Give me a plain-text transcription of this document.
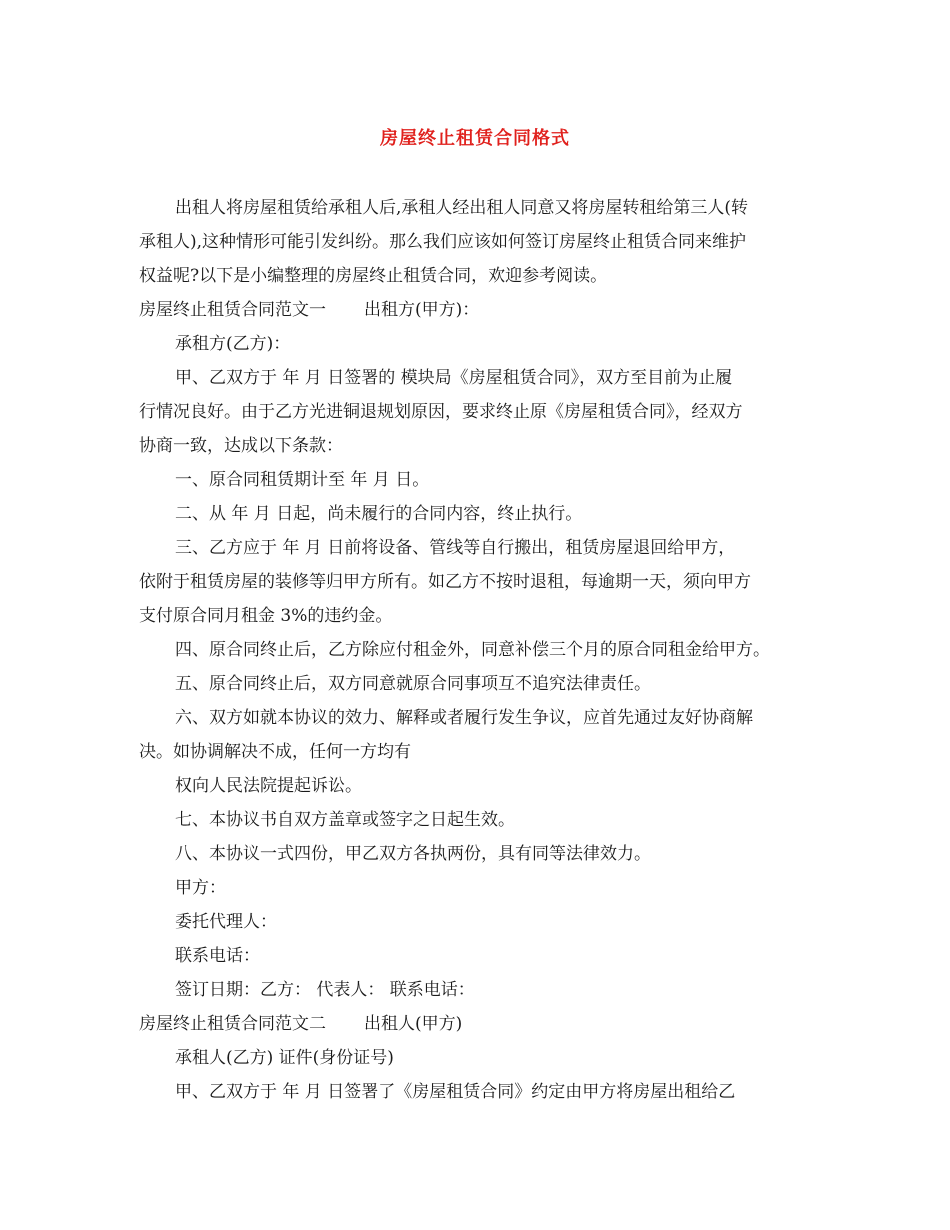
房屋终止租赁合同格式

出租人将房屋租赁给承租人后,承租人经出租人同意又将房屋转租给第三人(转

承租人),这种情形可能引发纠纷。那么我们应该如何签订房屋终止租赁合同来维护

权益呢?以下是小编整理的房屋终止租赁合同，欢迎参考阅读。

房屋终止租赁合同范文一 出租方(甲方)：

承租方(乙方)：

甲、乙双方于 年 月 日签署的 模块局《房屋租赁合同》，双方至目前为止履

行情况良好。由于乙方光进铜退规划原因，要求终止原《房屋租赁合同》，经双方

协商一致，达成以下条款：

一、原合同租赁期计至 年 月 日。

二、从 年 月 日起，尚未履行的合同内容，终止执行。

三、乙方应于 年 月 日前将设备、管线等自行搬出，租赁房屋退回给甲方，

依附于租赁房屋的装修等归甲方所有。如乙方不按时退租，每逾期一天，须向甲方

支付原合同月租金 3%的违约金。

四、原合同终止后，乙方除应付租金外，同意补偿三个月的原合同租金给甲方。

五、原合同终止后，双方同意就原合同事项互不追究法律责任。

六、双方如就本协议的效力、解释或者履行发生争议，应首先通过友好协商解

决。如协调解决不成，任何一方均有

权向人民法院提起诉讼。

七、本协议书自双方盖章或签字之日起生效。

八、本协议一式四份，甲乙双方各执两份，具有同等法律效力。

甲方：

委托代理人：

联系电话：

签订日期：乙方： 代表人： 联系电话：

房屋终止租赁合同范文二 出租人(甲方)

承租人(乙方) 证件(身份证号)

甲、乙双方于 年 月 日签署了《房屋租赁合同》约定由甲方将房屋出租给乙
